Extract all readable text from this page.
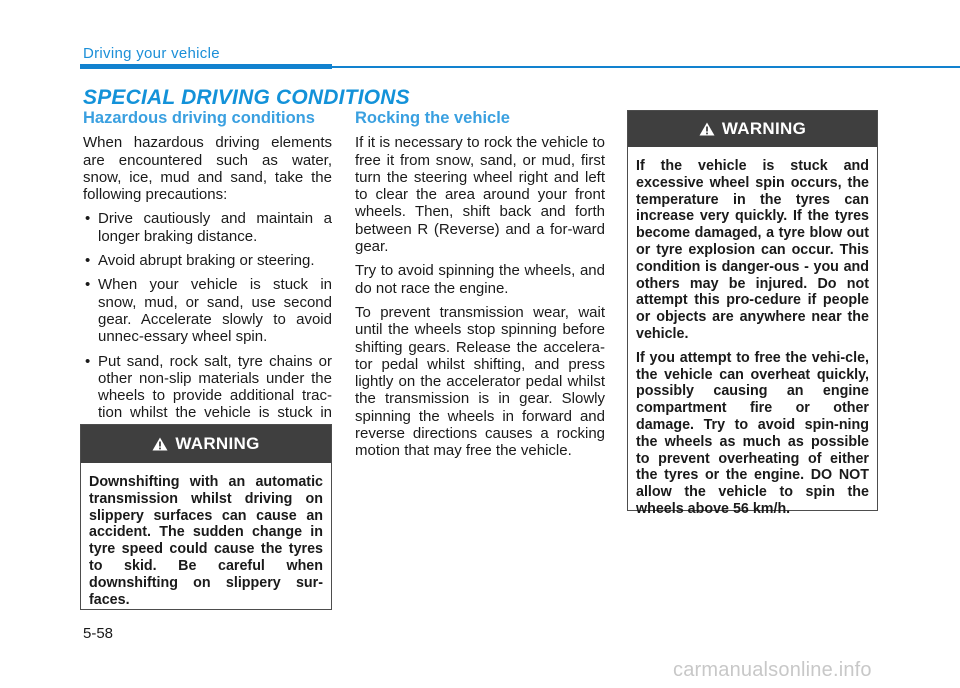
Driving your vehicle
SPECIAL DRIVING CONDITIONS
Hazardous driving conditions

When hazardous driving elements are encountered such as water, snow, ice, mud and sand, take the following precautions:

• Drive cautiously and maintain a longer braking distance.
• Avoid abrupt braking or steering.
• When your vehicle is stuck in snow, mud, or sand, use second gear. Accelerate slowly to avoid unnec-essary wheel spin.
• Put sand, rock salt, tyre chains or other non-slip materials under the wheels to provide additional trac-tion whilst the vehicle is stuck in
Rocking the vehicle

If it is necessary to rock the vehicle to free it from snow, sand, or mud, first turn the steering wheel right and left to clear the area around your front wheels. Then, shift back and forth between R (Reverse) and a for-ward gear.

Try to avoid spinning the wheels, and do not race the engine.

To prevent transmission wear, wait until the wheels stop spinning before shifting gears. Release the accelera-tor pedal whilst shifting, and press lightly on the accelerator pedal whilst the transmission is in gear. Slowly spinning the wheels in forward and reverse directions causes a rocking motion that may free the vehicle.

WARNING

Downshifting with an automatic transmission whilst driving on slippery surfaces can cause an accident. The sudden change in tyre speed could cause the tyres to skid. Be careful when downshifting on slippery sur-faces.

WARNING

If the vehicle is stuck and excessive wheel spin occurs, the temperature in the tyres can increase very quickly. If the tyres become damaged, a tyre blow out or tyre explosion can occur. This condition is danger-ous - you and others may be injured. Do not attempt this pro-cedure if people or objects are anywhere near the vehicle.

If you attempt to free the vehi-cle, the vehicle can overheat quickly, possibly causing an engine compartment fire or other damage. Try to avoid spin-ning the wheels as much as possible to prevent overheating of either the tyres or the engine. DO NOT allow the vehicle to spin the wheels above 56 km/h.

5-58
carmanualsonline.info
